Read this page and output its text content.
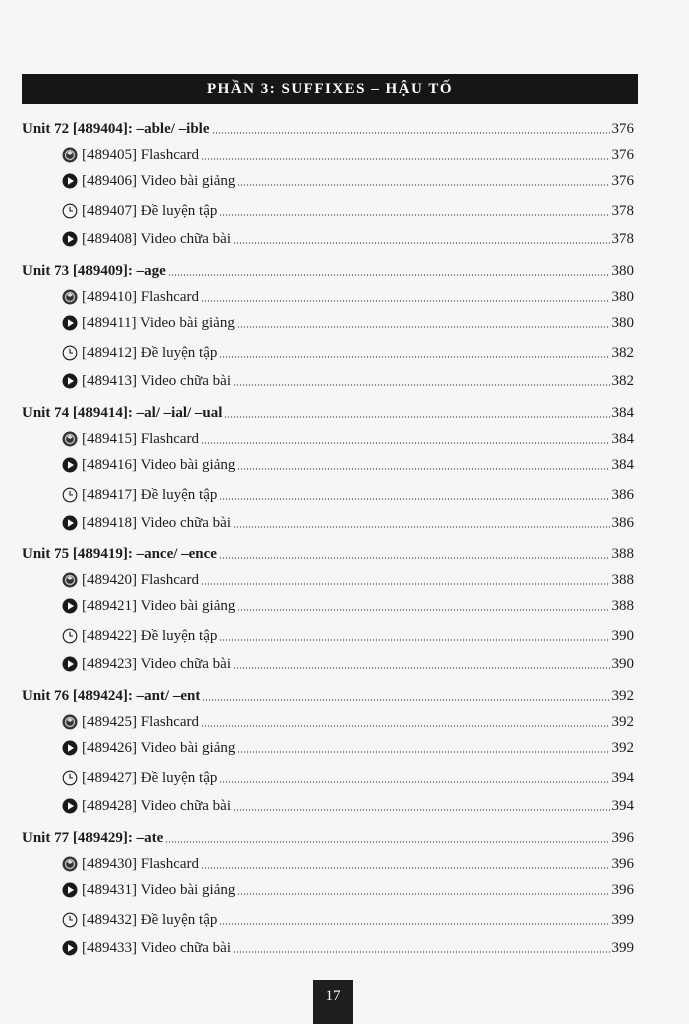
PHẦN 3: SUFFIXES – HẬU TỐ
Unit 72 [489404]: –able/ –ible	376
[489405] Flashcard	376
[489406] Video bài giảng	376
[489407] Đề luyện tập	378
[489408] Video chữa bài	378
Unit 73 [489409]: –age	380
[489410] Flashcard	380
[489411] Video bài giảng	380
[489412] Đề luyện tập	382
[489413] Video chữa bài	382
Unit 74 [489414]: –al/ –ial/ –ual	384
[489415] Flashcard	384
[489416] Video bài giảng	384
[489417] Đề luyện tập	386
[489418] Video chữa bài	386
Unit 75 [489419]: –ance/ –ence	388
[489420] Flashcard	388
[489421] Video bài giảng	388
[489422] Đề luyện tập	390
[489423] Video chữa bài	390
Unit 76 [489424]: –ant/ –ent	392
[489425] Flashcard	392
[489426] Video bài giảng	392
[489427] Đề luyện tập	394
[489428] Video chữa bài	394
Unit 77 [489429]: –ate	396
[489430] Flashcard	396
[489431] Video bài giảng	396
[489432] Đề luyện tập	399
[489433] Video chữa bài	399
17
